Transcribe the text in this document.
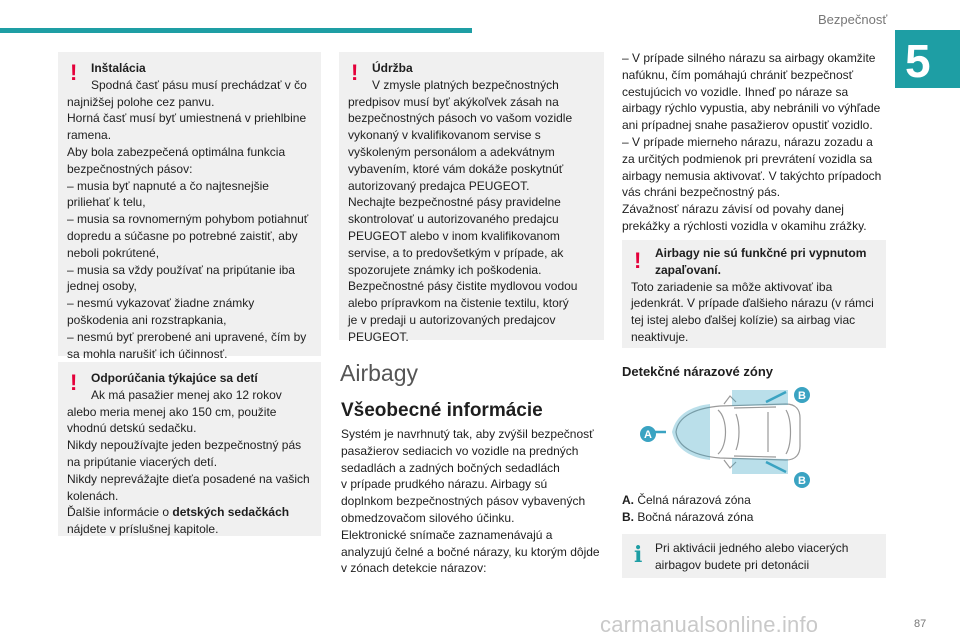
Bezpečnosť
5
!	Inštalácia

Spodná časť pásu musí prechádzať v čo

najnižšej polohe cez panvu.

Horná časť musí byť umiestnená v priehlbine

ramena.

Aby bola zabezpečená optimálna funkcia

bezpečnostných pásov:

– musia byť napnuté a čo najtesnejšie

priliehať k telu,

– musia sa rovnomerným pohybom potiahnuť

dopredu a súčasne po potrebné zaistiť, aby

neboli pokrútené,

– musia sa vždy používať na pripútanie iba

jednej osoby,

– nesmú vykazovať žiadne známky

poškodenia ani rozstrapkania,

– nesmú byť prerobené ani upravené, čím by

sa mohla narušiť ich účinnosť.

!	Odporúčania týkajúce sa detí

Ak má pasažier menej ako 12 rokov

alebo meria menej ako 150 cm, použite

vhodnú detskú sedačku.

Nikdy nepoužívajte jeden bezpečnostný pás

na pripútanie viacerých detí.

Nikdy neprevážajte dieťa posadené na vašich

kolenách.

Ďalšie informácie o detských sedačkách

nájdete v príslušnej kapitole.

!	Údržba

V zmysle platných bezpečnostných

predpisov musí byť akýkoľvek zásah na

bezpečnostných pásoch vo vašom vozidle

vykonaný v kvalifikovanom servise s

vyškoleným personálom a adekvátnym

vybavením, ktoré vám dokáže poskytnúť

autorizovaný predajca PEUGEOT.

Nechajte bezpečnostné pásy pravidelne

skontrolovať u autorizovaného predajcu

PEUGEOT alebo v inom kvalifikovanom

servise, a to predovšetkým v prípade, ak

spozorujete známky ich poškodenia.

Bezpečnostné pásy čistite mydlovou vodou

alebo prípravkom na čistenie textilu, ktorý

je v predaji u autorizovaných predajcov

PEUGEOT.

Airbagy
Všeobecné informácie

Systém je navrhnutý tak, aby zvýšil bezpečnosť

pasažierov sediacich vo vozidle na predných

sedadlách a zadných bočných sedadlách

v prípade prudkého nárazu. Airbagy sú

doplnkom bezpečnostných pásov vybavených

obmedzovačom silového účinku.

Elektronické snímače zaznamenávajú a

analyzujú čelné a bočné nárazy, ku ktorým dôjde

v zónach detekcie nárazov:

– V prípade silného nárazu sa airbagy okamžite

nafúknu, čím pomáhajú chrániť bezpečnosť

cestujúcich vo vozidle. Ihneď po náraze sa

airbagy rýchlo vypustia, aby nebránili vo výhľade

ani prípadnej snahe pasažierov opustiť vozidlo.

– V prípade mierneho nárazu, nárazu zozadu a

za určitých podmienok pri prevrátení vozidla sa

airbagy nemusia aktivovať. V takýchto prípadoch

vás chráni bezpečnostný pás.

Závažnosť nárazu závisí od povahy danej

prekážky a rýchlosti vozidla v okamihu zrážky.

!	Airbagy nie sú funkčné pri vypnutom

zapaľovaní.

Toto zariadenie sa môže aktivovať iba

jedenkrát. V prípade ďalšieho nárazu (v rámci

tej istej alebo ďalšej kolízie) sa airbag viac

neaktivuje.

Detekčné nárazové zóny
A
B
B

A. Čelná nárazová zóna

B. Bočná nárazová zóna

i Pri aktivácii jedného alebo viacerých

airbagov budete pri detonácii

carmanualsonline.info	87
